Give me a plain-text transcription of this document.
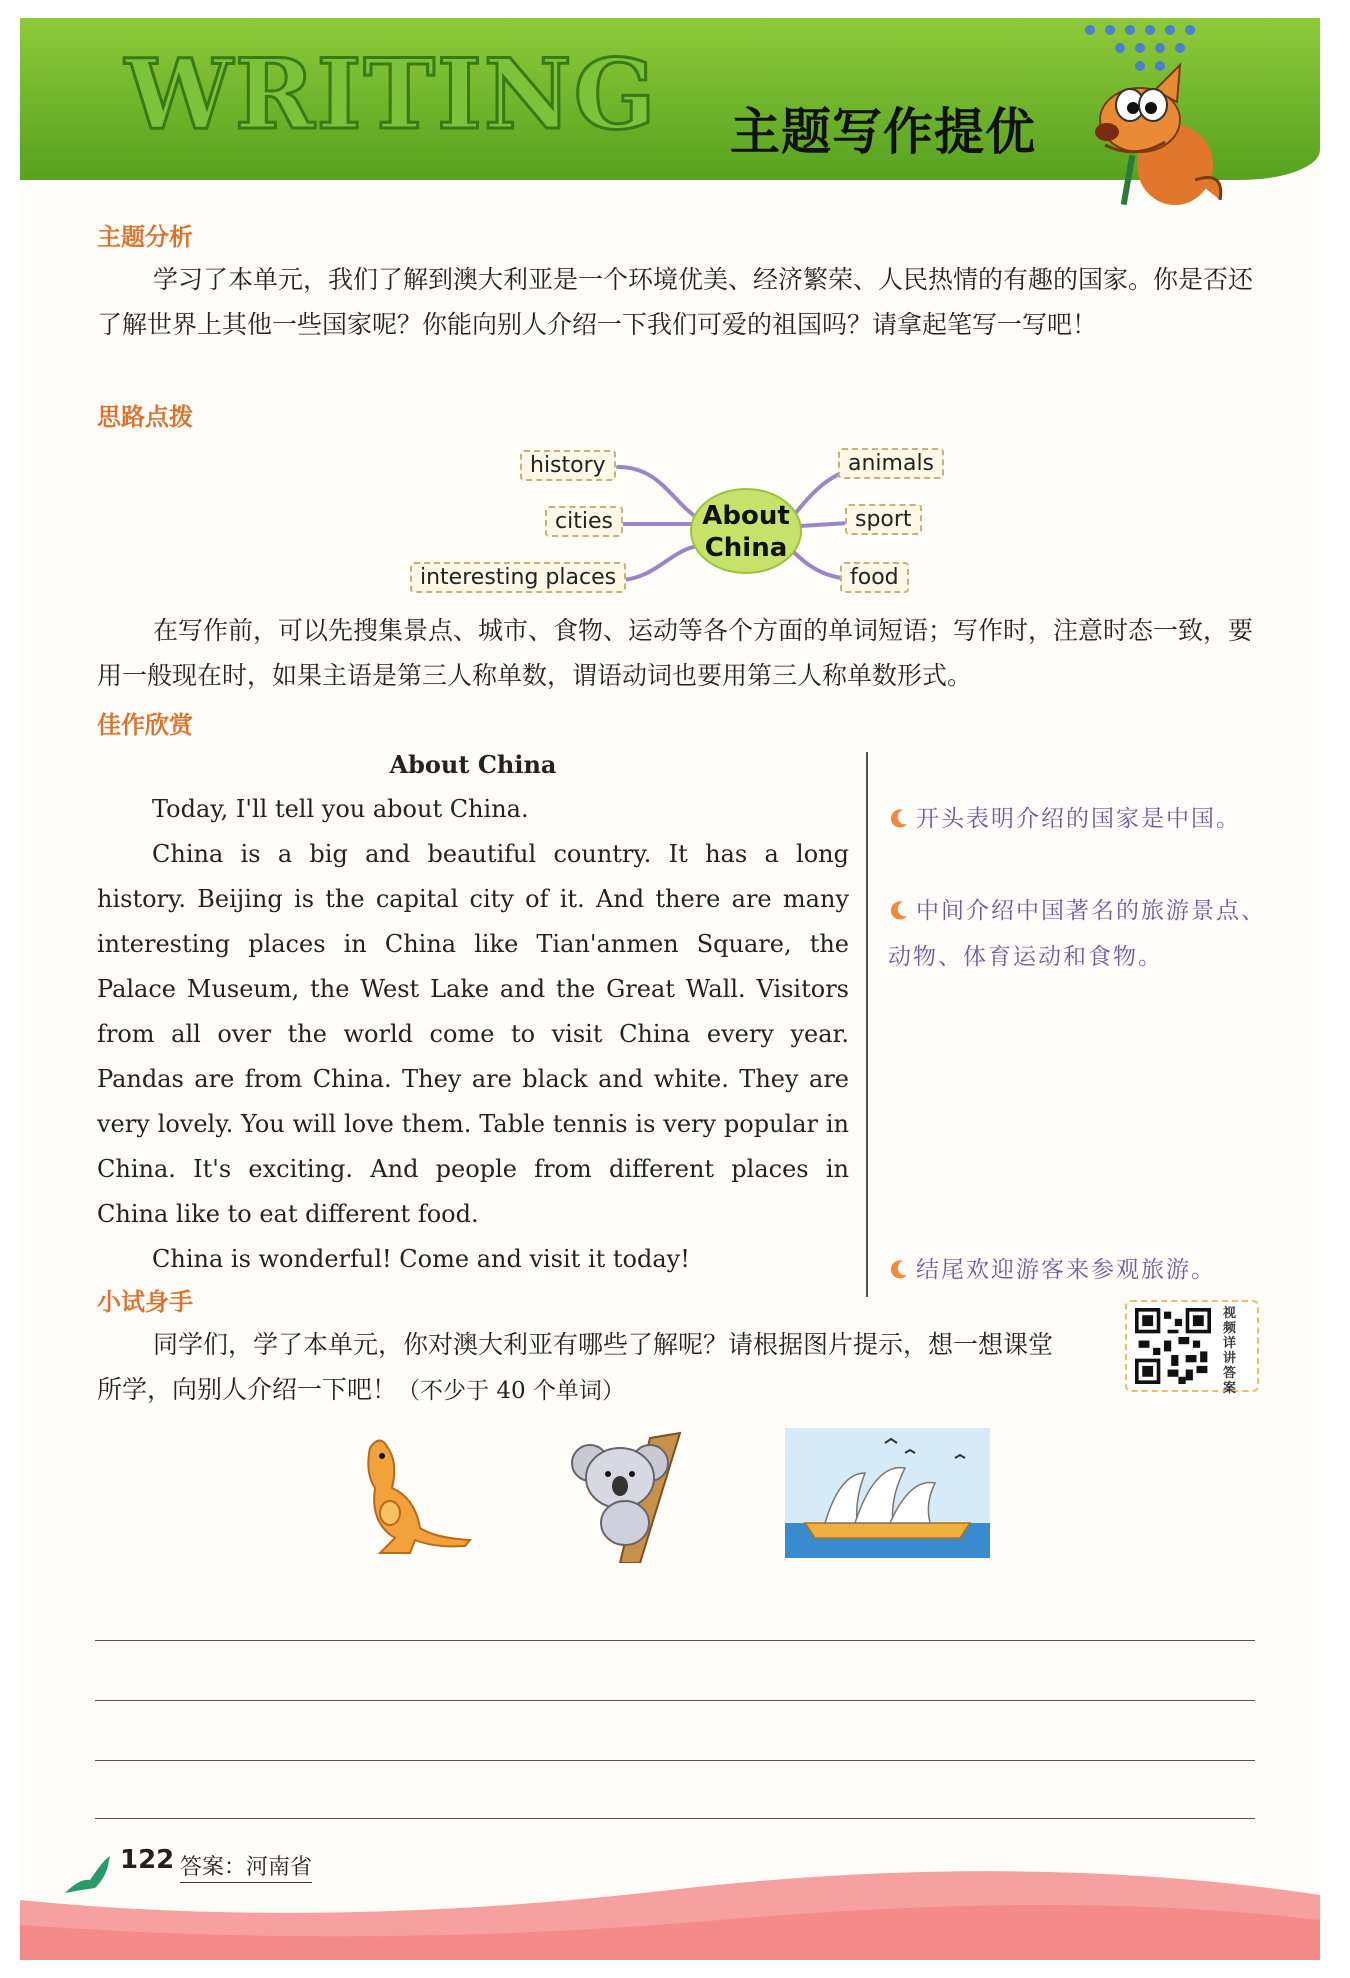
WRITING 主题写作提优
主题分析
学习了本单元，我们了解到澳大利亚是一个环境优美、经济繁荣、人民热情的有趣的国家。你是否还了解世界上其他一些国家呢？你能向别人介绍一下我们可爱的祖国吗？请拿起笔写一写吧！
思路点拨
history
cities
interesting places
About
China
animals
sport
food
在写作前，可以先搜集景点、城市、食物、运动等各个方面的单词短语；写作时，注意时态一致，要用一般现在时，如果主语是第三人称单数，谓语动词也要用第三人称单数形式。
佳作欣赏

About China

Today, I'll tell you about China.

China is a big and beautiful country. It has a long history. Beijing is the capital city of it. And there are many interesting places in China like Tian'anmen Square, the Palace Museum, the West Lake and the Great Wall. Visitors from all over the world come to visit China every year. Pandas are from China. They are black and white. They are very lovely. You will love them. Table tennis is very popular in China. It's exciting. And people from different places in China like to eat different food.

China is wonderful! Come and visit it today!

开头表明介绍的国家是中国。
中间介绍中国著名的旅游景点、动物、体育运动和食物。
结尾欢迎游客来参观旅游。
小试身手

同学们，学了本单元，你对澳大利亚有哪些了解呢？请根据图片提示，想一想课堂所学，向别人介绍一下吧！（不少于 40 个单词）

视频详讲答案
122 答案：河南省
